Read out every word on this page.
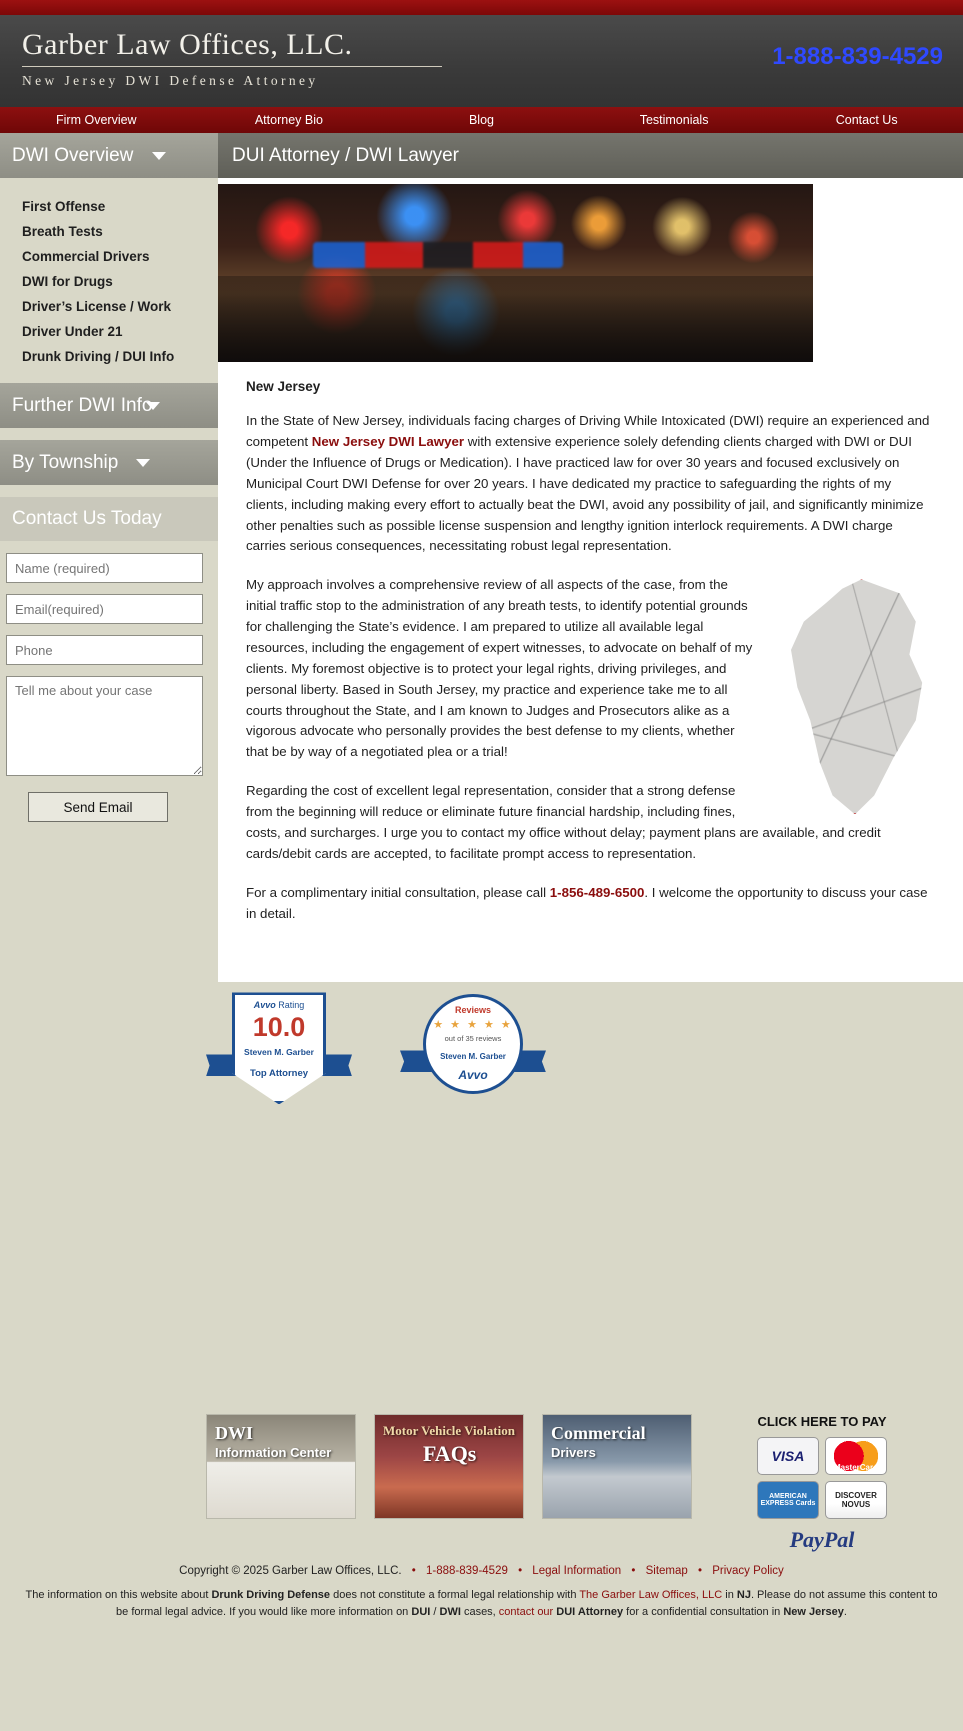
Garber Law Offices, LLC.

New Jersey DWI Defense Attorney

1-888-839-4529
Firm Overview	Attorney Bio	Blog	Testimonials	Contact Us
DWI Overview
First Offense
Breath Tests
Commercial Drivers
DWI for Drugs
Driver’s License / Work
Driver Under 21
Drunk Driving / DUI Info
Further DWI Info
By Township
Contact Us Today
Name (required)
Email(required)
Phone
Tell me about your case
Send Email
DUI Attorney / DWI Lawyer
New Jersey

In the State of New Jersey, individuals facing charges of Driving While Intoxicated (DWI) require an experienced and competent New Jersey DWI Lawyer with extensive experience solely defending clients charged with DWI or DUI (Under the Influence of Drugs or Medication). I have practiced law for over 30 years and focused exclusively on Municipal Court DWI Defense for over 20 years. I have dedicated my practice to safeguarding the rights of my clients, including making every effort to actually beat the DWI, avoid any possibility of jail, and significantly minimize other penalties such as possible license suspension and lengthy ignition interlock requirements. A DWI charge carries serious consequences, necessitating robust legal representation.

My approach involves a comprehensive review of all aspects of the case, from the initial traffic stop to the administration of any breath tests, to identify potential grounds for challenging the State’s evidence. I am prepared to utilize all available legal resources, including the engagement of expert witnesses, to advocate on behalf of my clients. My foremost objective is to protect your legal rights, driving privileges, and personal liberty. Based in South Jersey, my practice and experience take me to all courts throughout the State, and I am known to Judges and Prosecutors alike as a vigorous advocate who personally provides the best defense to my clients, whether that be by way of a negotiated plea or a trial!

Regarding the cost of excellent legal representation, consider that a strong defense from the beginning will reduce or eliminate future financial hardship, including fines, costs, and surcharges. I urge you to contact my office without delay; payment plans are available, and credit cards/debit cards are accepted, to facilitate prompt access to representation.

For a complimentary initial consultation, please call 1-856-489-6500. I welcome the opportunity to discuss your case in detail.

Avvo Rating
10.0
Steven M. Garber
Top Attorney
Reviews
★ ★ ★ ★ ★
out of 35 reviews
Steven M. Garber
Avvo
DWI
Information Center
Motor Vehicle Violation
FAQs
Commercial
Drivers
CLICK HERE TO PAY
VISA
MasterCard
AMERICAN EXPRESS Cards
DISCOVER NOVUS
PayPal
Copyright © 2025 Garber Law Offices, LLC. • 1-888-839-4529 • Legal Information • Sitemap • Privacy Policy
The information on this website about Drunk Driving Defense does not constitute a formal legal relationship with The Garber Law Offices, LLC in NJ. Please do not assume this content to be formal legal advice. If you would like more information on DUI / DWI cases, contact our DUI Attorney for a confidential consultation in New Jersey.
